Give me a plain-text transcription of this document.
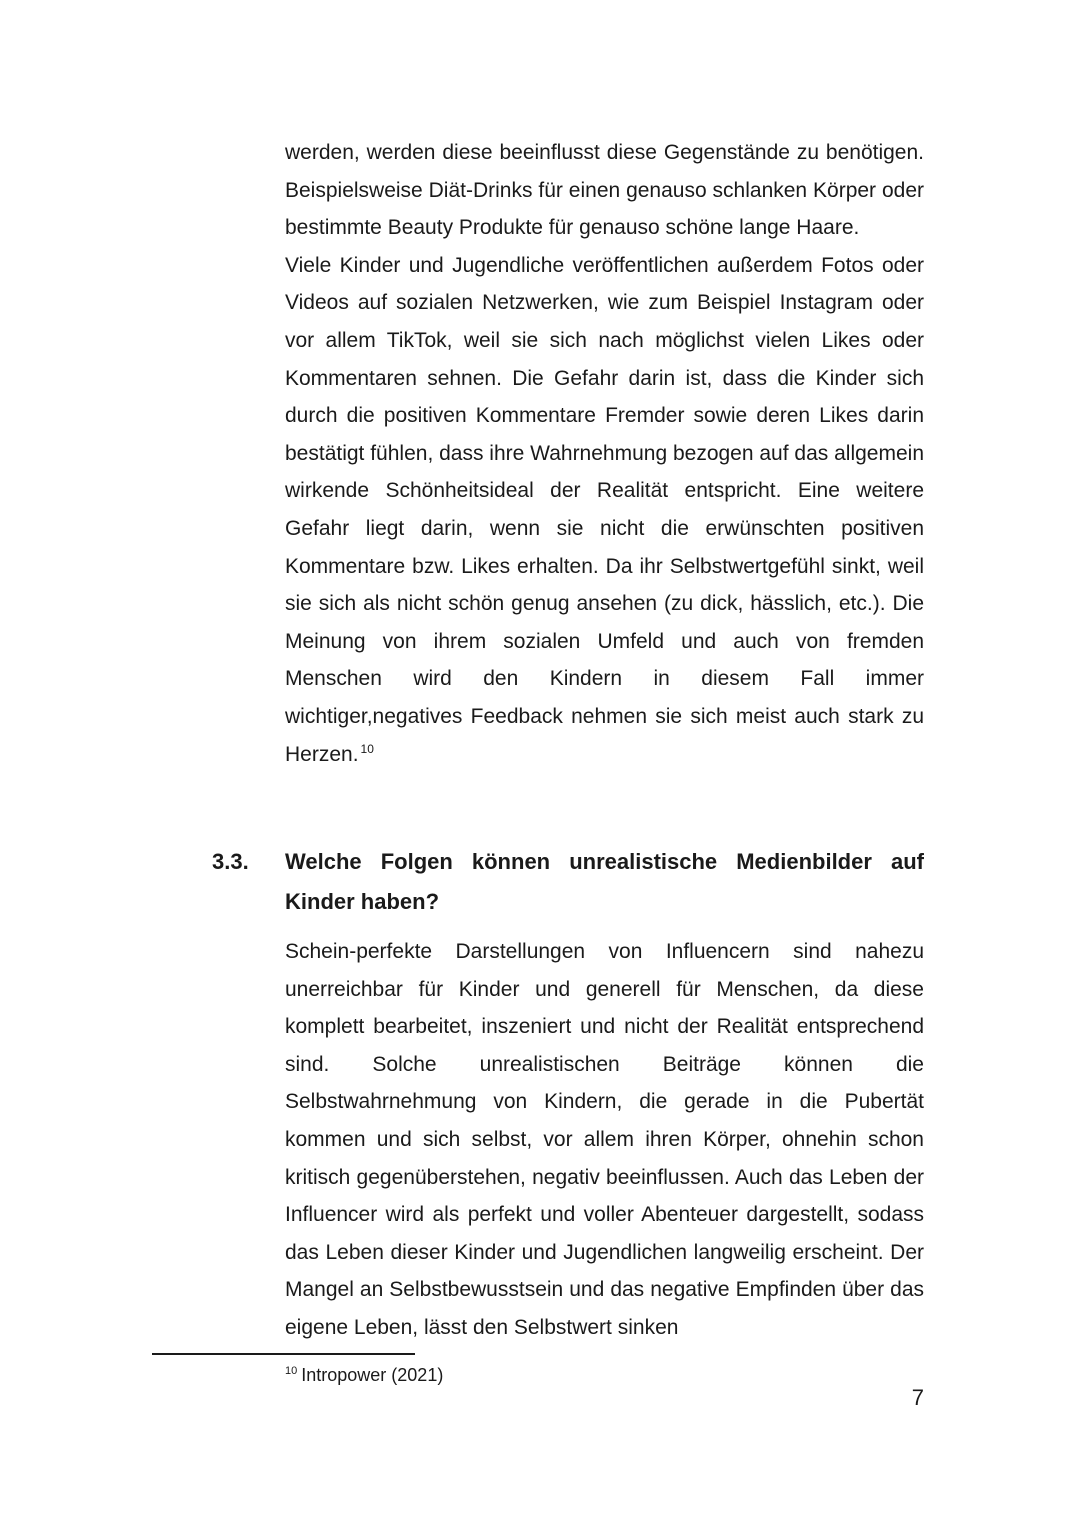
werden, werden diese beeinflusst diese Gegenstände zu benötigen. Beispielsweise Diät-Drinks für einen genauso schlanken Körper oder bestimmte Beauty Produkte für genauso schöne lange Haare.

Viele Kinder und Jugendliche veröffentlichen außerdem Fotos oder Videos auf sozialen Netzwerken, wie zum Beispiel Instagram oder vor allem TikTok, weil sie sich nach möglichst vielen Likes oder Kommentaren sehnen. Die Gefahr darin ist, dass die Kinder sich durch die positiven Kommentare Fremder sowie deren Likes darin bestätigt fühlen, dass ihre Wahrnehmung bezogen auf das allgemein wirkende Schönheitsideal der Realität entspricht. Eine weitere Gefahr liegt darin, wenn sie nicht die erwünschten positiven Kommentare bzw. Likes erhalten. Da ihr Selbstwertgefühl sinkt, weil sie sich als nicht schön genug ansehen (zu dick, hässlich, etc.). Die Meinung von ihrem sozialen Umfeld und auch von fremden Menschen wird den Kindern in diesem Fall immer wichtiger,negatives Feedback nehmen sie sich meist auch stark zu Herzen. $^{10}$

3.3. Welche Folgen können unrealistische Medienbilder auf Kinder haben?

Schein-perfekte Darstellungen von Influencern sind nahezu unerreichbar für Kinder und generell für Menschen, da diese komplett bearbeitet, inszeniert und nicht der Realität entsprechend sind. Solche unrealistischen Beiträge können die Selbstwahrnehmung von Kindern, die gerade in die Pubertät kommen und sich selbst, vor allem ihren Körper, ohnehin schon kritisch gegenüberstehen, negativ beeinflussen. Auch das Leben der Influencer wird als perfekt und voller Abenteuer dargestellt, sodass das Leben dieser Kinder und Jugendlichen langweilig erscheint. Der Mangel an Selbstbewusstsein und das negative Empfinden über das eigene Leben, lässt den Selbstwert sinken

$^{10}$ Intropower (2021)
7
